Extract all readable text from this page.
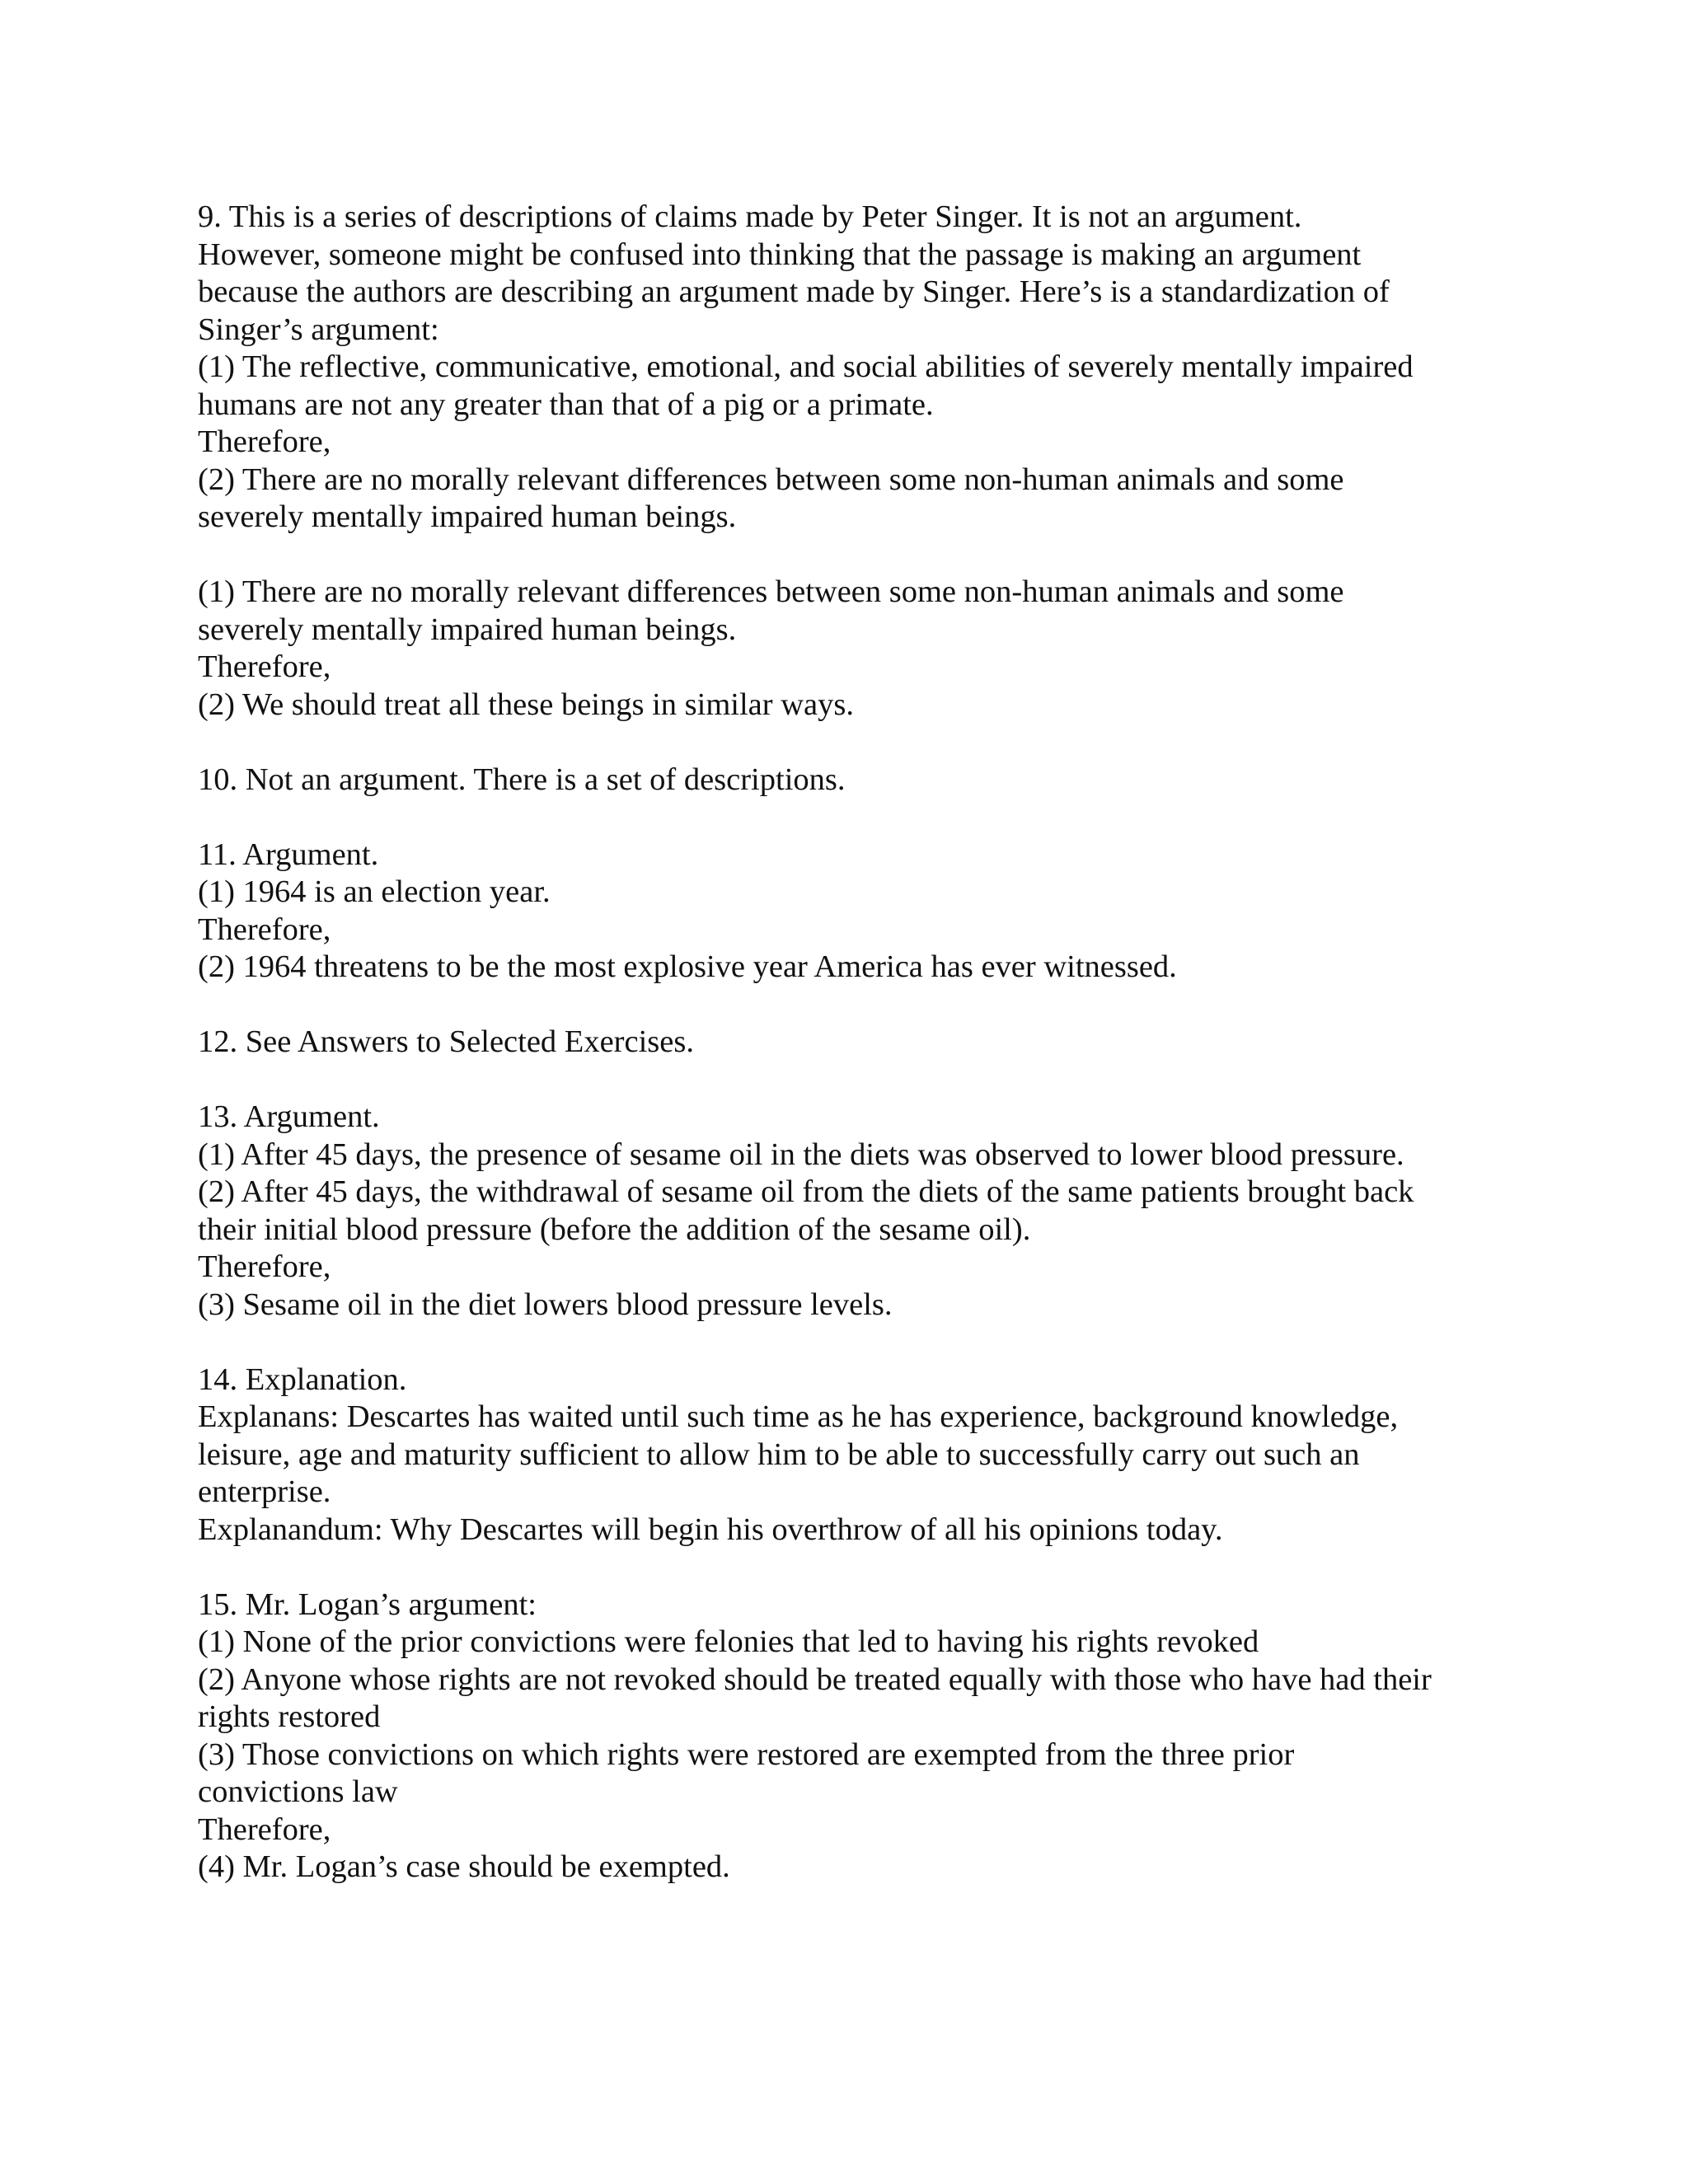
9. This is a series of descriptions of claims made by Peter Singer. It is not an argument.
However, someone might be confused into thinking that the passage is making an argument
because the authors are describing an argument made by Singer. Here’s is a standardization of
Singer’s argument:
(1) The reflective, communicative, emotional, and social abilities of severely mentally impaired
humans are not any greater than that of a pig or a primate.
Therefore,
(2) There are no morally relevant differences between some non-human animals and some
severely mentally impaired human beings.
(1) There are no morally relevant differences between some non-human animals and some
severely mentally impaired human beings.
Therefore,
(2) We should treat all these beings in similar ways.
10. Not an argument. There is a set of descriptions.
11. Argument.
(1) 1964 is an election year.
Therefore,
(2) 1964 threatens to be the most explosive year America has ever witnessed.
12. See Answers to Selected Exercises.
13. Argument.
(1) After 45 days, the presence of sesame oil in the diets was observed to lower blood pressure.
(2) After 45 days, the withdrawal of sesame oil from the diets of the same patients brought back
their initial blood pressure (before the addition of the sesame oil).
Therefore,
(3) Sesame oil in the diet lowers blood pressure levels.
14. Explanation.
Explanans: Descartes has waited until such time as he has experience, background knowledge,
leisure, age and maturity sufficient to allow him to be able to successfully carry out such an
enterprise.
Explanandum: Why Descartes will begin his overthrow of all his opinions today.
15. Mr. Logan’s argument:
(1) None of the prior convictions were felonies that led to having his rights revoked
(2) Anyone whose rights are not revoked should be treated equally with those who have had their
rights restored
(3) Those convictions on which rights were restored are exempted from the three prior
convictions law
Therefore,
(4) Mr. Logan’s case should be exempted.
